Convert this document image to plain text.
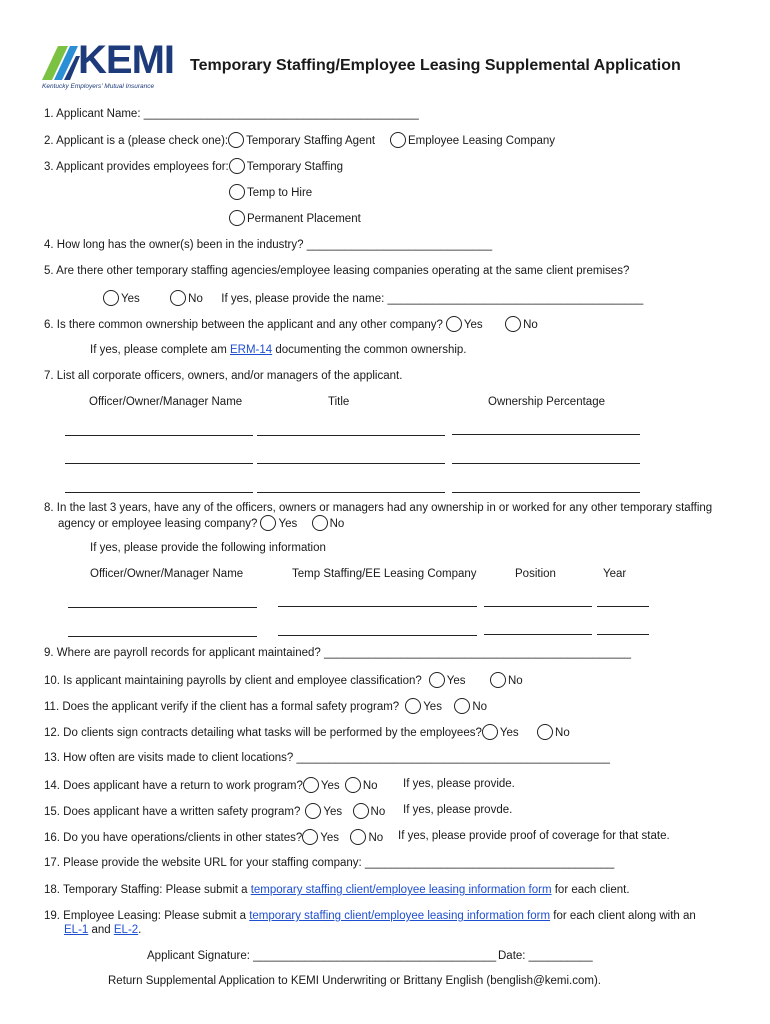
KEMI
Kentucky Employers' Mutual Insurance
Temporary Staffing/Employee Leasing Supplemental Application
1. Applicant Name: ___________________________________________
2. Applicant is a (please check one): Temporary Staffing Agent	Employee Leasing Company
3. Applicant provides employees for: Temporary Staffing
Temp to Hire
Permanent Placement
4. How long has the owner(s) been in the industry? _____________________________
5. Are there other temporary staffing agencies/employee leasing companies operating at the same client premises?
Yes	No If yes, please provide the name: ________________________________________
6. Is there common ownership between the applicant and any other company? Yes	No
If yes, please complete am ERM-14 documenting the common ownership.
7. List all corporate officers, owners, and/or managers of the applicant.
Officer/Owner/Manager Name	Title	Ownership Percentage
8. In the last 3 years, have any of the officers, owners or managers had any ownership in or worked for any other temporary staffing
agency or employee leasing company? Yes	No
If yes, please provide the following information
Officer/Owner/Manager Name	Temp Staffing/EE Leasing Company	Position	Year
9. Where are payroll records for applicant maintained? ________________________________________________
10. Is applicant maintaining payrolls by client and employee classification? Yes	No
11. Does the applicant verify if the client has a formal safety program? Yes	No
12. Do clients sign contracts detailing what tasks will be performed by the employees? Yes	No
13. How often are visits made to client locations? _________________________________________________
14. Does applicant have a return to work program? Yes No If yes, please provide.
15. Does applicant have a written safety program? Yes No If yes, please provde.
16. Do you have operations/clients in other states? Yes	No If yes, please provide proof of coverage for that state.
17. Please provide the website URL for your staffing company: _______________________________________
18. Temporary Staffing: Please submit a temporary staffing client/employee leasing information form for each client.
19. Employee Leasing: Please submit a temporary staffing client/employee leasing information form for each client along with an
EL-1 and EL-2.
Applicant Signature: ______________________________________ Date: __________
Return Supplemental Application to KEMI Underwriting or Brittany English (benglish@kemi.com).
